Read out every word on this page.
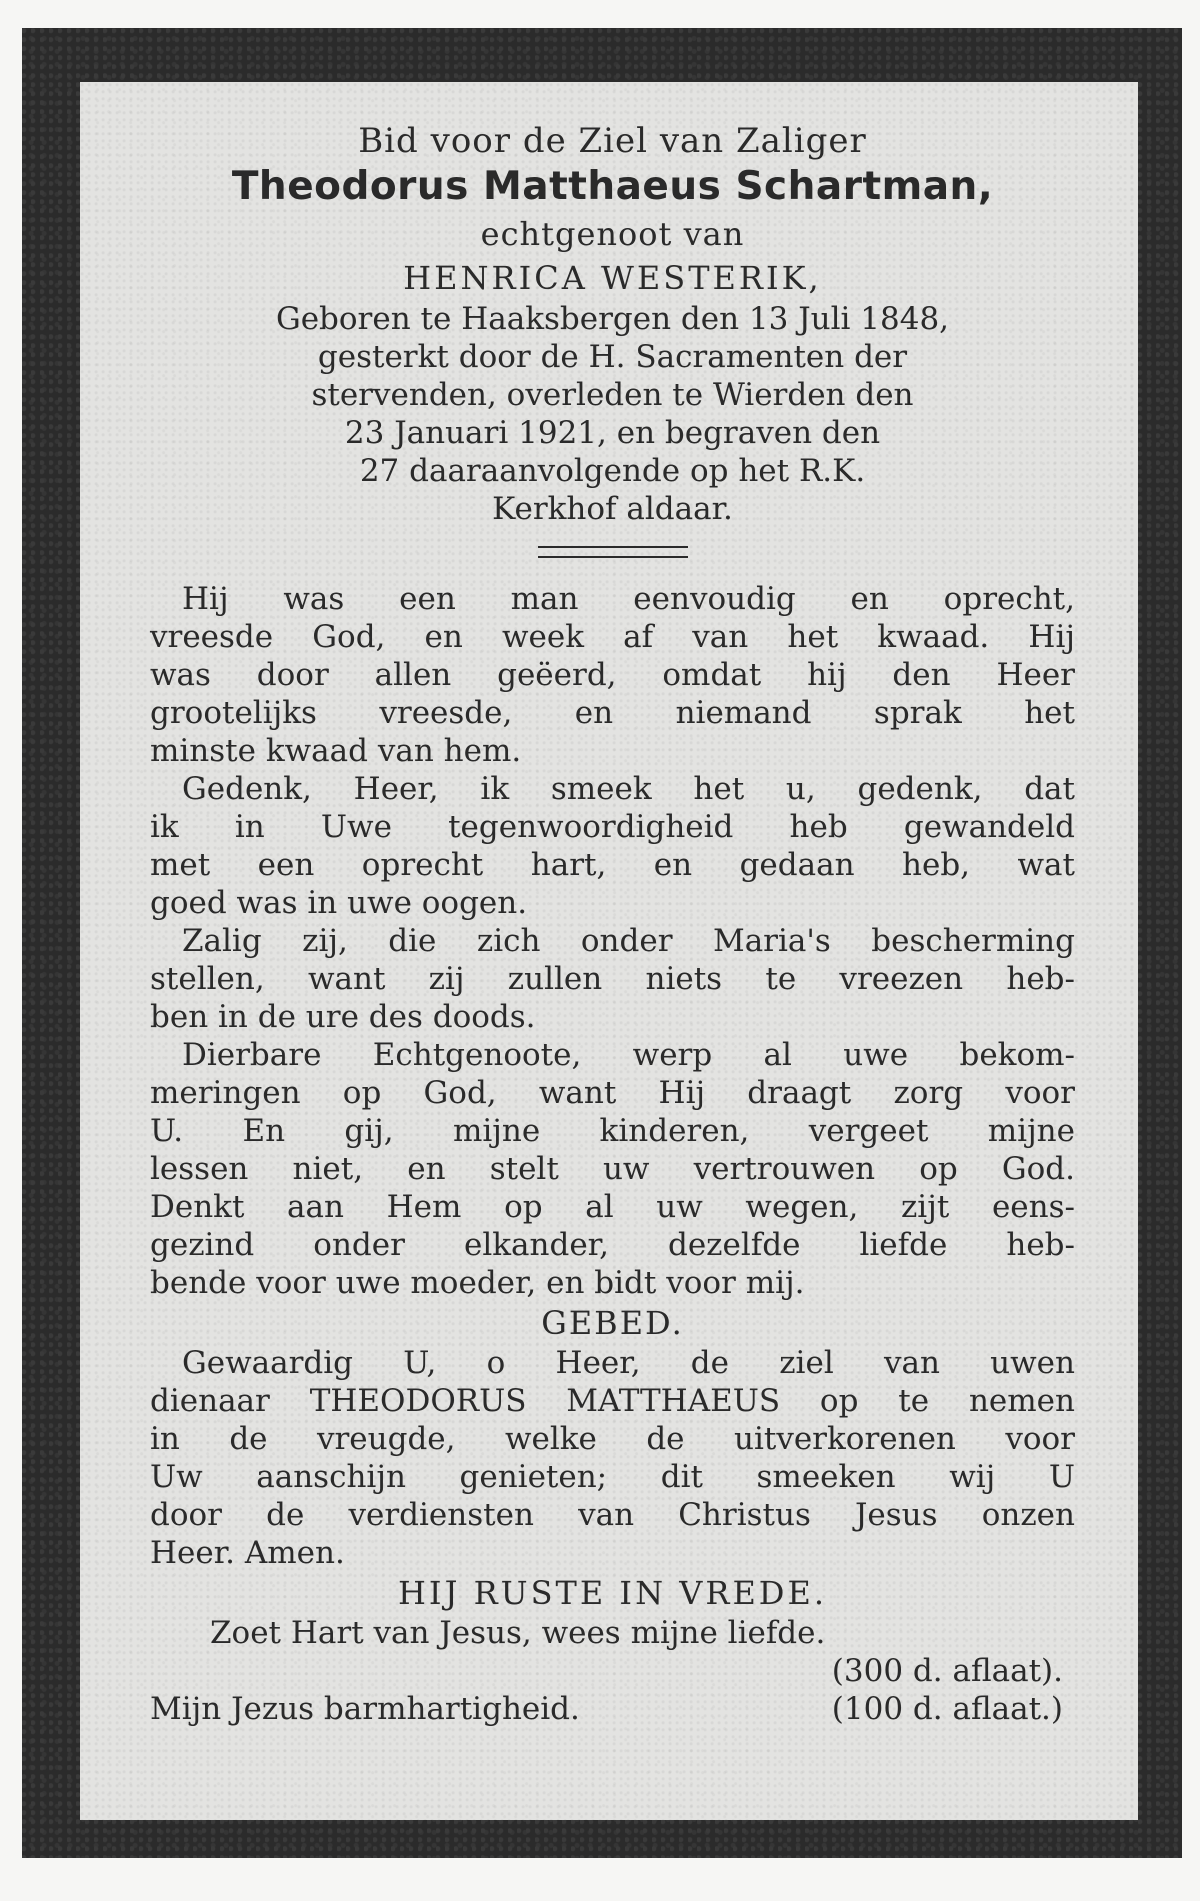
Bid voor de Ziel van Zaliger
Theodorus Matthaeus Schartman,
echtgenoot van
HENRICA WESTERIK,

Geboren te Haaksbergen den 13 Juli 1848,

gesterkt door de H. Sacramenten der

stervenden, overleden te Wierden den

23 Januari 1921, en begraven den

27 daaraanvolgende op het R.K.

Kerkhof aldaar.

Hij was een man eenvoudig en oprecht,

vreesde God, en week af van het kwaad. Hij

was door allen geëerd, omdat hij den Heer

grootelijks vreesde, en niemand sprak het

minste kwaad van hem.

Gedenk, Heer, ik smeek het u, gedenk, dat

ik in Uwe tegenwoordigheid heb gewandeld

met een oprecht hart, en gedaan heb, wat

goed was in uwe oogen.

Zalig zij, die zich onder Maria's bescherming

stellen, want zij zullen niets te vreezen heb-

ben in de ure des doods.

Dierbare Echtgenoote, werp al uwe bekom-

meringen op God, want Hij draagt zorg voor

U. En gij, mijne kinderen, vergeet mijne

lessen niet, en stelt uw vertrouwen op God.

Denkt aan Hem op al uw wegen, zijt eens-

gezind onder elkander, dezelfde liefde heb-

bende voor uwe moeder, en bidt voor mij.

GEBED.

Gewaardig U, o Heer, de ziel van uwen

dienaar THEODORUS MATTHAEUS op te nemen

in de vreugde, welke de uitverkorenen voor

Uw aanschijn genieten; dit smeeken wij U

door de verdiensten van Christus Jesus onzen

Heer. Amen.

HIJ RUSTE IN VREDE.
Zoet Hart van Jesus, wees mijne liefde.
(300 d. aflaat).
Mijn Jezus barmhartigheid.	(100 d. aflaat.)
